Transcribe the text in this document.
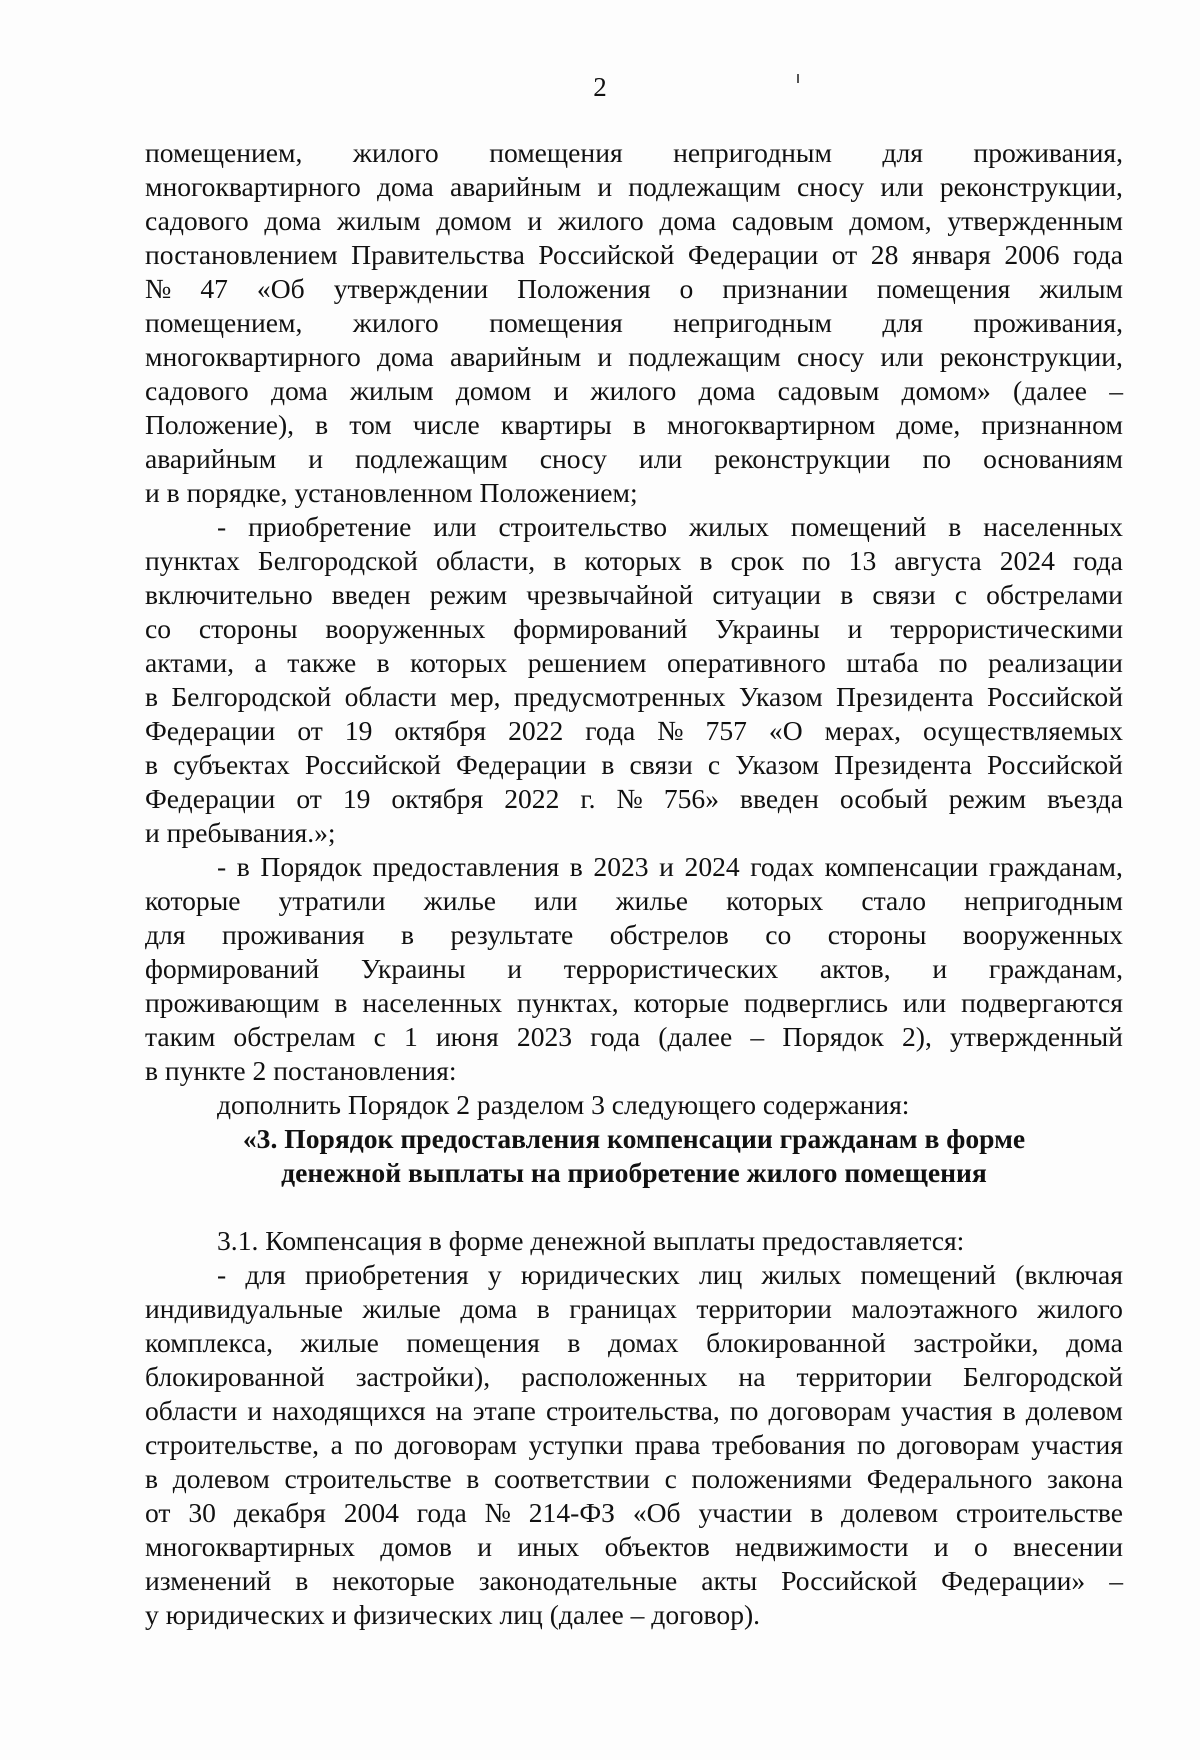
2
помещением, жилого помещения непригодным для проживания,
многоквартирного дома аварийным и подлежащим сносу или реконструкции,
садового дома жилым домом и жилого дома садовым домом, утвержденным
постановлением Правительства Российской Федерации от 28 января 2006 года
№ 47 «Об утверждении Положения о признании помещения жилым
помещением, жилого помещения непригодным для проживания,
многоквартирного дома аварийным и подлежащим сносу или реконструкции,
садового дома жилым домом и жилого дома садовым домом» (далее –
Положение), в том числе квартиры в многоквартирном доме, признанном
аварийным и подлежащим сносу или реконструкции по основаниям
и в порядке, установленном Положением;
- приобретение или строительство жилых помещений в населенных
пунктах Белгородской области, в которых в срок по 13 августа 2024 года
включительно введен режим чрезвычайной ситуации в связи с обстрелами
со стороны вооруженных формирований Украины и террористическими
актами, а также в которых решением оперативного штаба по реализации
в Белгородской области мер, предусмотренных Указом Президента Российской
Федерации от 19 октября 2022 года № 757 «О мерах, осуществляемых
в субъектах Российской Федерации в связи с Указом Президента Российской
Федерации от 19 октября 2022 г. № 756» введен особый режим въезда
и пребывания.»;
- в Порядок предоставления в 2023 и 2024 годах компенсации гражданам,
которые утратили жилье или жилье которых стало непригодным
для проживания в результате обстрелов со стороны вооруженных
формирований Украины и террористических актов, и гражданам,
проживающим в населенных пунктах, которые подверглись или подвергаются
таким обстрелам с 1 июня 2023 года (далее – Порядок 2), утвержденный
в пункте 2 постановления:
дополнить Порядок 2 разделом 3 следующего содержания:

«3. Порядок предоставления компенсации гражданам в форме

денежной выплаты на приобретение жилого помещения

3.1. Компенсация в форме денежной выплаты предоставляется:
- для приобретения у юридических лиц жилых помещений (включая
индивидуальные жилые дома в границах территории малоэтажного жилого
комплекса, жилые помещения в домах блокированной застройки, дома
блокированной застройки), расположенных на территории Белгородской
области и находящихся на этапе строительства, по договорам участия в долевом
строительстве, а по договорам уступки права требования по договорам участия
в долевом строительстве в соответствии с положениями Федерального закона
от 30 декабря 2004 года № 214-ФЗ «Об участии в долевом строительстве
многоквартирных домов и иных объектов недвижимости и о внесении
изменений в некоторые законодательные акты Российской Федерации» –
у юридических и физических лиц (далее – договор).
